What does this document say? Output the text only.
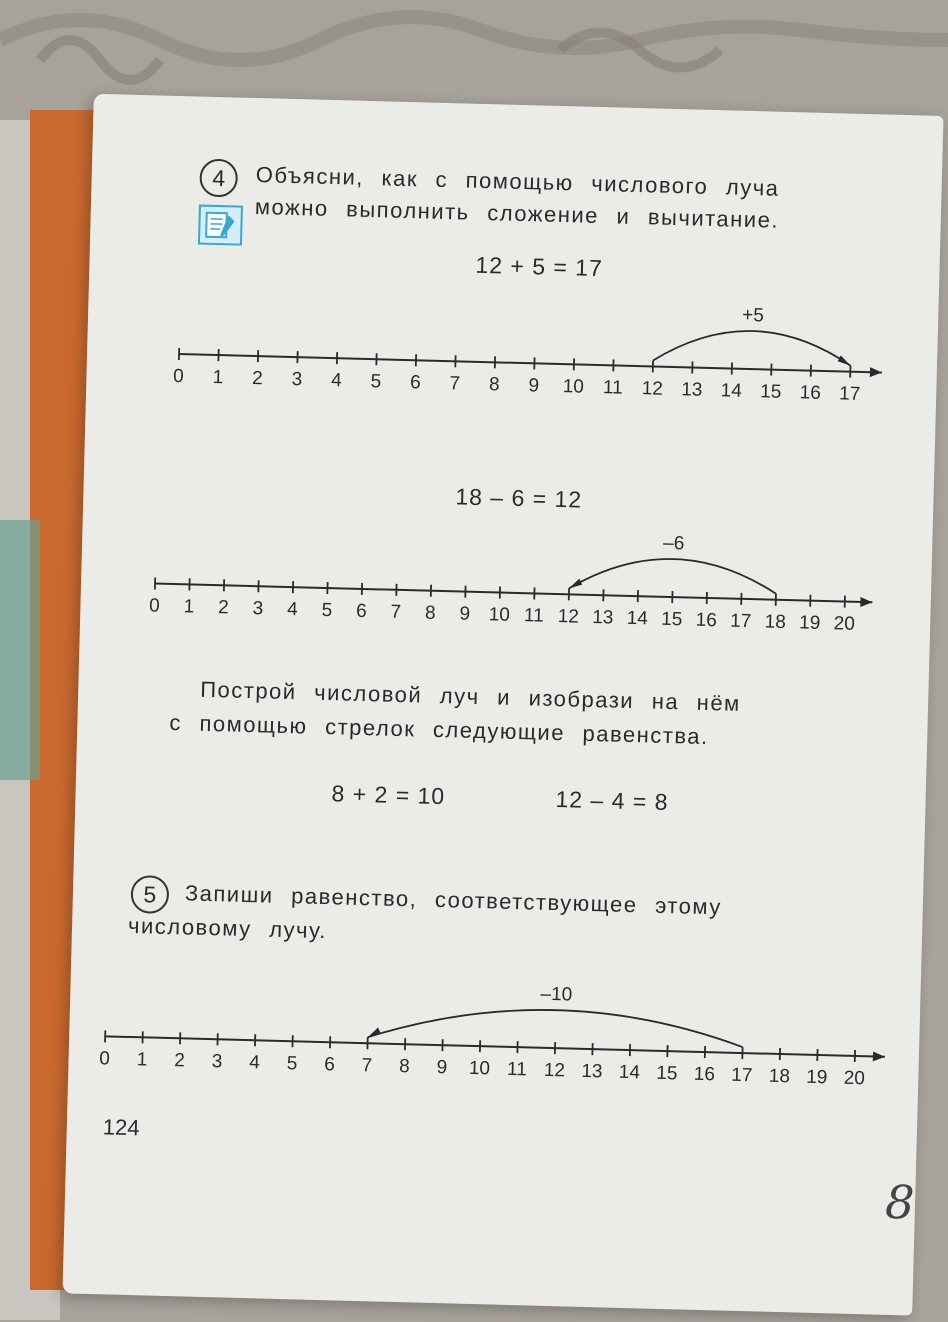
4	Объясни, как с помощью числового луча
можно выполнить сложение и вычитание.
12 + 5 = 17
0 1 2 3 4 5 6 7 8 9 10 11 12 13 14 15 16 17
+5
18 – 6 = 12
0 1 2 3 4 5 6 7 8 9 10 11 12 13 14 15 16 17 18 19 20
–6
Построй числовой луч и изобрази на нём
с помощью стрелок следующие равенства.
8 + 2 = 10	12 – 4 = 8
5	Запиши равенство, соответствующее этому
числовому лучу.
0 1 2 3 4 5 6 7 8 9 10 11 12 13 14 15 16 17 18 19 20
–10
124
8
